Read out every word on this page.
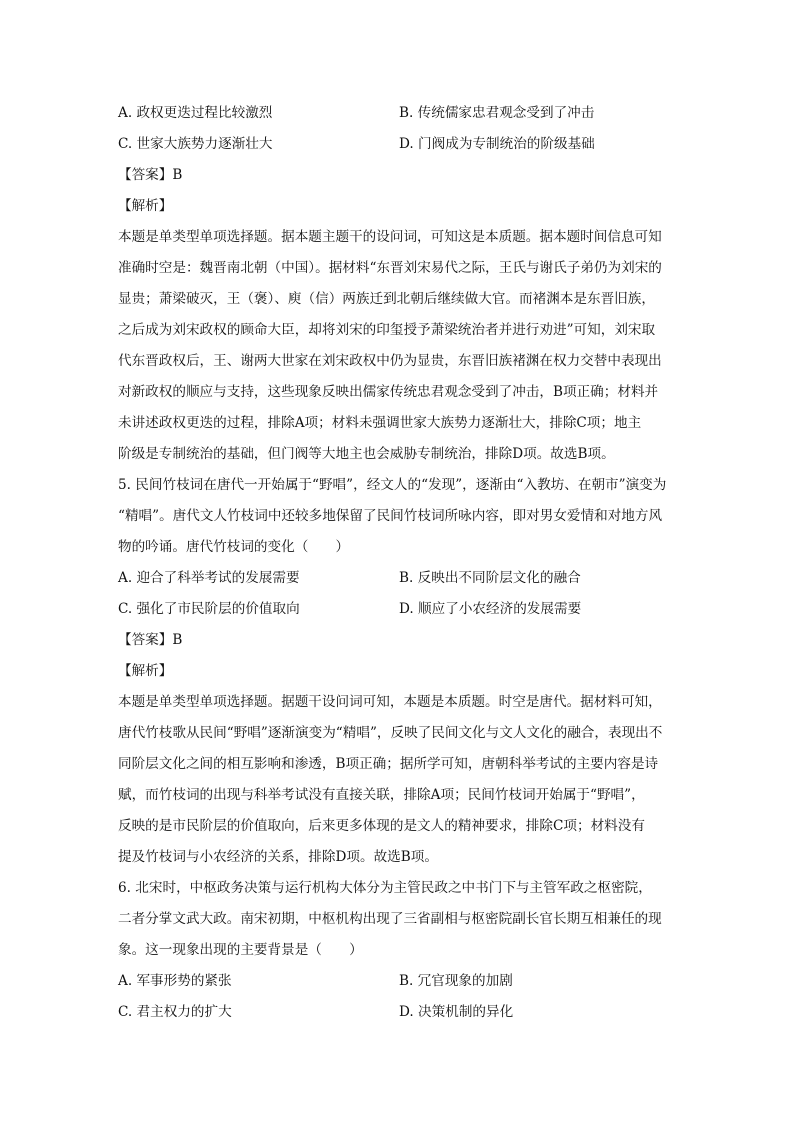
A. 政权更迭过程比较激烈	B. 传统儒家忠君观念受到了冲击
C. 世家大族势力逐渐壮大	D. 门阀成为专制统治的阶级基础
【答案】B
【解析】
本题是单类型单项选择题。据本题主题干的设问词，可知这是本质题。据本题时间信息可知
准确时空是：魏晋南北朝（中国）。据材料“东晋刘宋易代之际，王氏与谢氏子弟仍为刘宋的
显贵；萧梁破灭，王（褒）、庾（信）两族迁到北朝后继续做大官。而褚渊本是东晋旧族，
之后成为刘宋政权的顾命大臣，却将刘宋的印玺授予萧梁统治者并进行劝进”可知，刘宋取
代东晋政权后，王、谢两大世家在刘宋政权中仍为显贵，东晋旧族褚渊在权力交替中表现出
对新政权的顺应与支持，这些现象反映出儒家传统忠君观念受到了冲击，B项正确；材料并
未讲述政权更迭的过程，排除A项；材料未强调世家大族势力逐渐壮大，排除C项；地主
阶级是专制统治的基础，但门阀等大地主也会威胁专制统治，排除D项。故选B项。
5. 民间竹枝词在唐代一开始属于“野唱”，经文人的“发现”，逐渐由“入教坊、在朝市”演变为
“精唱”。唐代文人竹枝词中还较多地保留了民间竹枝词所咏内容，即对男女爱情和对地方风
物的吟诵。唐代竹枝词的变化（　　）
A. 迎合了科举考试的发展需要	B. 反映出不同阶层文化的融合
C. 强化了市民阶层的价值取向	D. 顺应了小农经济的发展需要
【答案】B
【解析】
本题是单类型单项选择题。据题干设问词可知，本题是本质题。时空是唐代。据材料可知，
唐代竹枝歌从民间“野唱”逐渐演变为“精唱”，反映了民间文化与文人文化的融合，表现出不
同阶层文化之间的相互影响和渗透，B项正确；据所学可知，唐朝科举考试的主要内容是诗
赋，而竹枝词的出现与科举考试没有直接关联，排除A项；民间竹枝词开始属于“野唱”，
反映的是市民阶层的价值取向，后来更多体现的是文人的精神要求，排除C项；材料没有
提及竹枝词与小农经济的关系，排除D项。故选B项。
6. 北宋时，中枢政务决策与运行机构大体分为主管民政之中书门下与主管军政之枢密院，
二者分掌文武大政。南宋初期，中枢机构出现了三省副相与枢密院副长官长期互相兼任的现
象。这一现象出现的主要背景是（　　）
A. 军事形势的紧张	B. 冗官现象的加剧
C. 君主权力的扩大	D. 决策机制的异化
